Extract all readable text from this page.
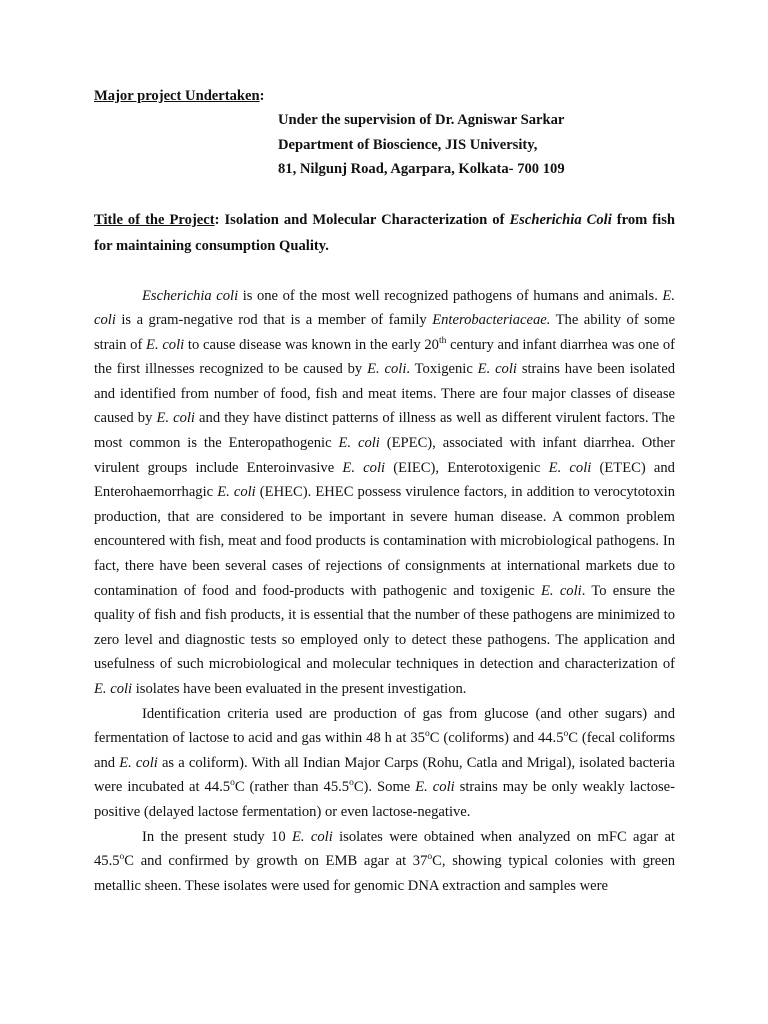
Major project Undertaken:
Under the supervision of Dr. Agniswar Sarkar
Department of Bioscience, JIS University,
81, Nilgunj Road, Agarpara, Kolkata- 700 109
Title of the Project: Isolation and Molecular Characterization of Escherichia Coli from fish for maintaining consumption Quality.

Escherichia coli is one of the most well recognized pathogens of humans and animals. E. coli is a gram-negative rod that is a member of family Enterobacteriaceae. The ability of some strain of E. coli to cause disease was known in the early 20th century and infant diarrhea was one of the first illnesses recognized to be caused by E. coli. Toxigenic E. coli strains have been isolated and identified from number of food, fish and meat items. There are four major classes of disease caused by E. coli and they have distinct patterns of illness as well as different virulent factors. The most common is the Enteropathogenic E. coli (EPEC), associated with infant diarrhea. Other virulent groups include Enteroinvasive E. coli (EIEC), Enterotoxigenic E. coli (ETEC) and Enterohaemorrhagic E. coli (EHEC). EHEC possess virulence factors, in addition to verocytotoxin production, that are considered to be important in severe human disease. A common problem encountered with fish, meat and food products is contamination with microbiological pathogens. In fact, there have been several cases of rejections of consignments at international markets due to contamination of food and food-products with pathogenic and toxigenic E. coli. To ensure the quality of fish and fish products, it is essential that the number of these pathogens are minimized to zero level and diagnostic tests so employed only to detect these pathogens. The application and usefulness of such microbiological and molecular techniques in detection and characterization of E. coli isolates have been evaluated in the present investigation.

Identification criteria used are production of gas from glucose (and other sugars) and fermentation of lactose to acid and gas within 48 h at 35$^o$C (coliforms) and 44.5$^o$C (fecal coliforms and E. coli as a coliform). With all Indian Major Carps (Rohu, Catla and Mrigal), isolated bacteria were incubated at 44.5$^o$C (rather than 45.5$^o$C). Some E. coli strains may be only weakly lactose-positive (delayed lactose fermentation) or even lactose-negative.

In the present study 10 E. coli isolates were obtained when analyzed on mFC agar at 45.5$^o$C and confirmed by growth on EMB agar at 37$^o$C, showing typical colonies with green metallic sheen. These isolates were used for genomic DNA extraction and samples were
